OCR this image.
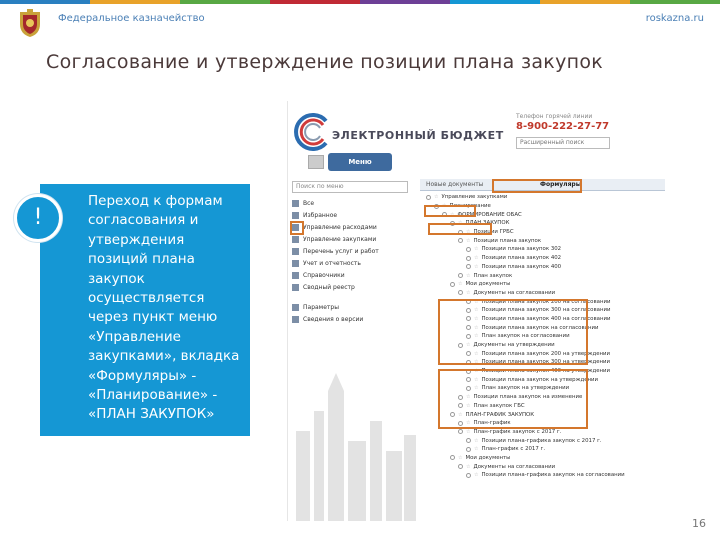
Федеральное казначейство	roskazna.ru
Согласование и утверждение позиции плана закупок

Переход к формам согласования и утверждения позиций плана закупок осуществляется через пункт меню «Управление закупками», вкладка «Формуляры» - «Планирование» - «ПЛАН ЗАКУПОК»

!
ЭЛЕКТРОННЫЙ БЮДЖЕТ
Телефон горячей линии
8-900-222-27-77
Расширенный поиск
Меню
Поиск по меню
Все
Избранное
Управление расходами
Управление закупками
Перечень услуг и работ
Учет и отчетность
Справочники
Сводный реестр
Параметры
Сведения о версии
Новые документы	Формуляры
☆ Управление закупками
☆ Планирование
☆ ФОРМИРОВАНИЕ ОБАС
☆ ПЛАН ЗАКУПОК
☆ Позиции ГРБС
☆ Позиции плана закупок
☆ Позиции плана закупок 302
☆ Позиции плана закупок 402
☆ Позиции плана закупок 400
☆ План закупок
☆ Мои документы
☆ Документы на согласовании
☆ Позиции плана закупок 200 на согласовании
☆ Позиции плана закупок 300 на согласовании
☆ Позиции плана закупок 400 на согласовании
☆ Позиции плана закупок на согласовании
☆ План закупок на согласовании
☆ Документы на утверждении
☆ Позиции плана закупок 200 на утверждении
☆ Позиции плана закупок 300 на утверждении
☆ Позиции плана закупок 400 на утверждении
☆ Позиции плана закупок на утверждении
☆ План закупок на утверждении
☆ Позиции плана закупок на изменение
☆ План закупок ГБС
☆ ПЛАН-ГРАФИК ЗАКУПОК
☆ План-график
☆ План-график закупок с 2017 г.
☆ Позиции плана-графика закупок с 2017 г.
☆ План-график с 2017 г.
☆ Мои документы
☆ Документы на согласовании
☆ Позиции плана-графика закупок на согласовании
16
